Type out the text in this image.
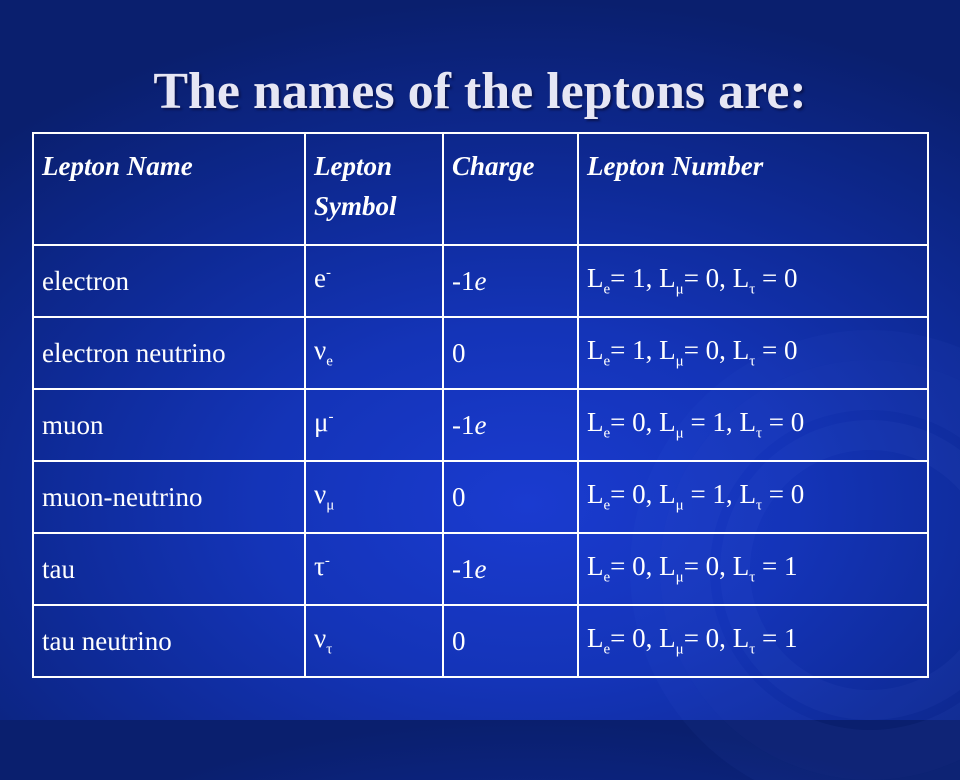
The names of the leptons are:
Lepton Name	Lepton Symbol	Charge	Lepton Number
electron	e-	-1e	$L_e= 1$, $L_\mu= 0$, $L_\tau = 0$
electron neutrino	$\nu_e$	0	$L_e= 1$, $L_\mu= 0$, $L_\tau = 0$
muon	μ-	-1e	$L_e= 0$, $L_\mu = 1$, $L_\tau = 0$
muon-neutrino	$\nu_\mu$	0	$L_e= 0$, $L_\mu = 1$, $L_\tau = 0$
tau	τ-	-1e	$L_e= 0$, $L_\mu= 0$, $L_\tau = 1$
tau neutrino	$\nu_\tau$	0	$L_e= 0$, $L_\mu= 0$, $L_\tau = 1$
